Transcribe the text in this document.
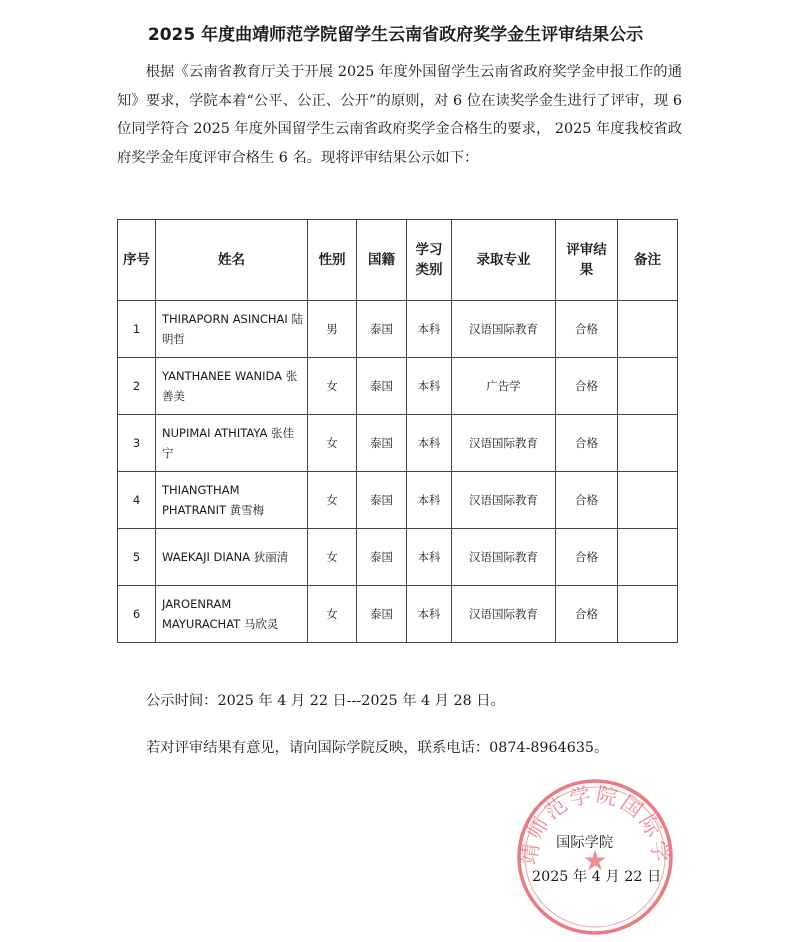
2025 年度曲靖师范学院留学生云南省政府奖学金生评审结果公示

根据《云南省教育厅关于开展 2025 年度外国留学生云南省政府奖学金申报工作的通知》要求，学院本着“公平、公正、公开”的原则，对 6 位在读奖学金生进行了评审，现 6 位同学符合 2025 年度外国留学生云南省政府奖学金合格生的要求， 2025 年度我校省政府奖学金年度评审合格生 6 名。现将评审结果公示如下：

序号	姓名	性别	国籍	学习类别	录取专业	评审结果	备注
1	THIRAPORN ASINCHAI 陆明哲	男	泰国	本科	汉语国际教育	合格	
2	YANTHANEE WANIDA 张善美	女	泰国	本科	广告学	合格	
3	NUPIMAI ATHITAYA 张佳宁	女	泰国	本科	汉语国际教育	合格	
4	THIANGTHAM PHATRANIT 黄雪梅	女	泰国	本科	汉语国际教育	合格	
5	WAEKAJI DIANA 狄丽清	女	泰国	本科	汉语国际教育	合格	
6	JAROENRAM MAYURACHAT 马欣灵	女	泰国	本科	汉语国际教育	合格	
公示时间：2025 年 4 月 22 日---2025 年 4 月 28 日。
若对评审结果有意见，请向国际学院反映，联系电话：0874-8964635。
★
靖师范学院国际学
国际学院
2025 年 4 月 22 日
